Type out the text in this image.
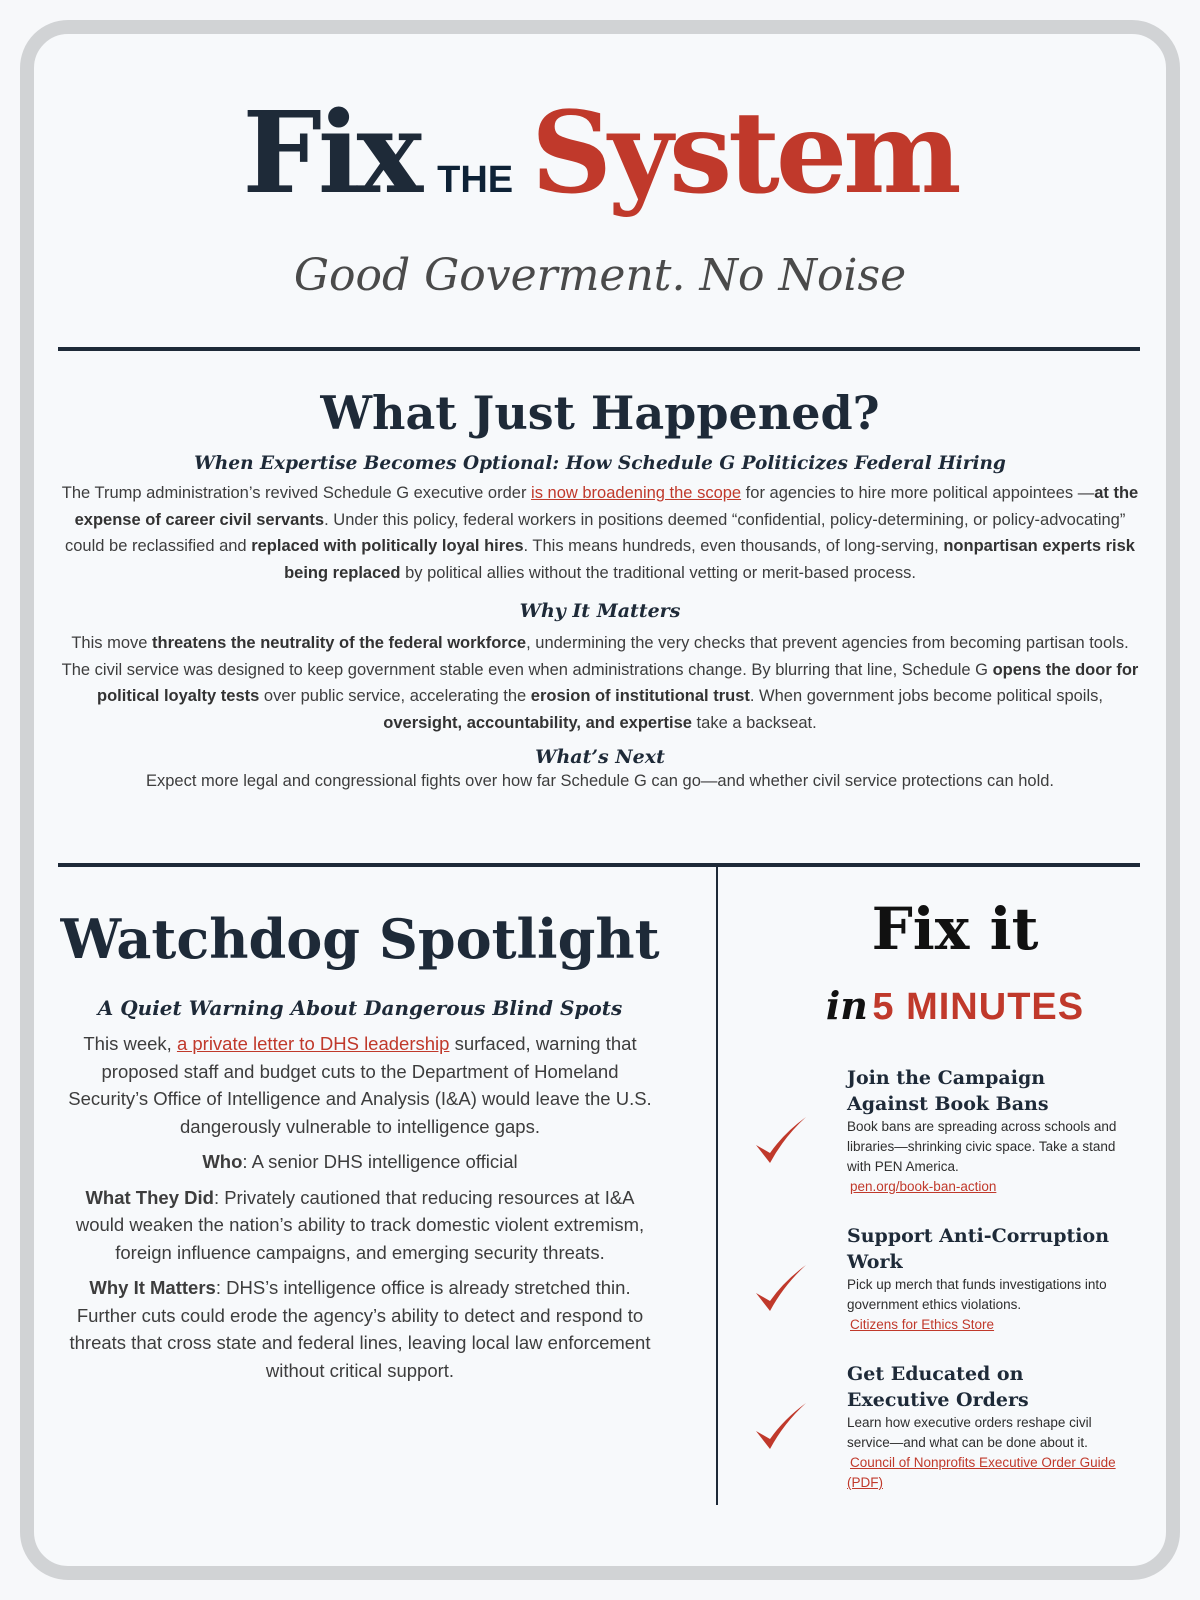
Fix THE System
Good Goverment. No Noise
What Just Happened?
When Expertise Becomes Optional: How Schedule G Politicizes Federal Hiring

The Trump administration’s revived Schedule G executive order is now broadening the scope for agencies to hire more political appointees —at the expense of career civil servants. Under this policy, federal workers in positions deemed “confidential, policy-determining, or policy-advocating” could be reclassified and replaced with politically loyal hires. This means hundreds, even thousands, of long-serving, nonpartisan experts risk being replaced by political allies without the traditional vetting or merit-based process.

Why It Matters

This move threatens the neutrality of the federal workforce, undermining the very checks that prevent agencies from becoming partisan tools. The civil service was designed to keep government stable even when administrations change. By blurring that line, Schedule G opens the door for political loyalty tests over public service, accelerating the erosion of institutional trust. When government jobs become political spoils, oversight, accountability, and expertise take a backseat.

What’s Next

Expect more legal and congressional fights over how far Schedule G can go—and whether civil service protections can hold.

Watchdog Spotlight
A Quiet Warning About Dangerous Blind Spots

This week, a private letter to DHS leadership surfaced, warning that proposed staff and budget cuts to the Department of Homeland Security’s Office of Intelligence and Analysis (I&A) would leave the U.S. dangerously vulnerable to intelligence gaps.

Who: A senior DHS intelligence official

What They Did: Privately cautioned that reducing resources at I&A would weaken the nation’s ability to track domestic violent extremism, foreign influence campaigns, and emerging security threats.

Why It Matters: DHS’s intelligence office is already stretched thin. Further cuts could erode the agency’s ability to detect and respond to threats that cross state and federal lines, leaving local law enforcement without critical support.

Fix it
in 5 MINUTES
Join the Campaign Against Book Bans

Book bans are spreading across schools and libraries—shrinking civic space. Take a stand with PEN America.

pen.org/book-ban-action
Support Anti-Corruption Work

Pick up merch that funds investigations into government ethics violations.

Citizens for Ethics Store
Get Educated on Executive Orders

Learn how executive orders reshape civil service—and what can be done about it.

Council of Nonprofits Executive Order Guide (PDF)
